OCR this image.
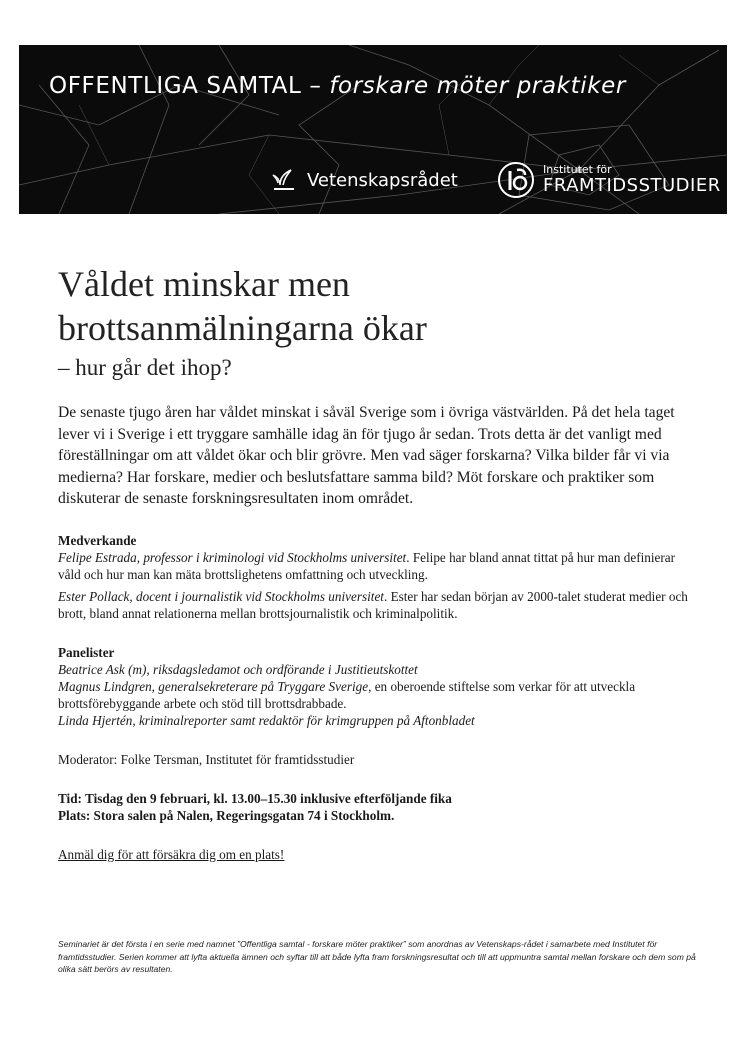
OFFENTLIGA SAMTAL – forskare möter praktiker
Vetenskapsrådet	Institutet för
FRAMTIDSSTUDIER
Våldet minskar men
brottsanmälningarna ökar
– hur går det ihop?
De senaste tjugo åren har våldet minskat i såväl Sverige som i övriga västvärlden. På det hela taget lever vi i Sverige i ett tryggare samhälle idag än för tjugo år sedan. Trots detta är det vanligt med föreställningar om att våldet ökar och blir grövre. Men vad säger forskarna? Vilka bilder får vi via medierna? Har forskare, medier och beslutsfattare samma bild? Möt forskare och praktiker som diskuterar de senaste forskningsresultaten inom området.
Medverkande
Felipe Estrada, professor i kriminologi vid Stockholms universitet. Felipe har bland annat tittat på hur man definierar våld och hur man kan mäta brottslighetens omfattning och utveckling.
Ester Pollack, docent i journalistik vid Stockholms universitet. Ester har sedan början av 2000-talet studerat medier och brott, bland annat relationerna mellan brottsjournalistik och kriminalpolitik.
Panelister
Beatrice Ask (m), riksdagsledamot och ordförande i Justitieutskottet
Magnus Lindgren, generalsekreterare på Tryggare Sverige, en oberoende stiftelse som verkar för att utveckla brottsförebyggande arbete och stöd till brottsdrabbade.
Linda Hjertén, kriminalreporter samt redaktör för krimgruppen på Aftonbladet
Moderator: Folke Tersman, Institutet för framtidsstudier
Tid: Tisdag den 9 februari, kl. 13.00–15.30 inklusive efterföljande fika
Plats: Stora salen på Nalen, Regeringsgatan 74 i Stockholm.
Anmäl dig för att försäkra dig om en plats!
Seminariet är det första i en serie med namnet ”Offentliga samtal - forskare möter praktiker” som anordnas av Vetenskaps-rådet i samarbete med Institutet för framtidsstudier. Serien kommer att lyfta aktuella ämnen och syftar till att både lyfta fram forskningsresultat och till att uppmuntra samtal mellan forskare och dem som på olika sätt berörs av resultaten.
